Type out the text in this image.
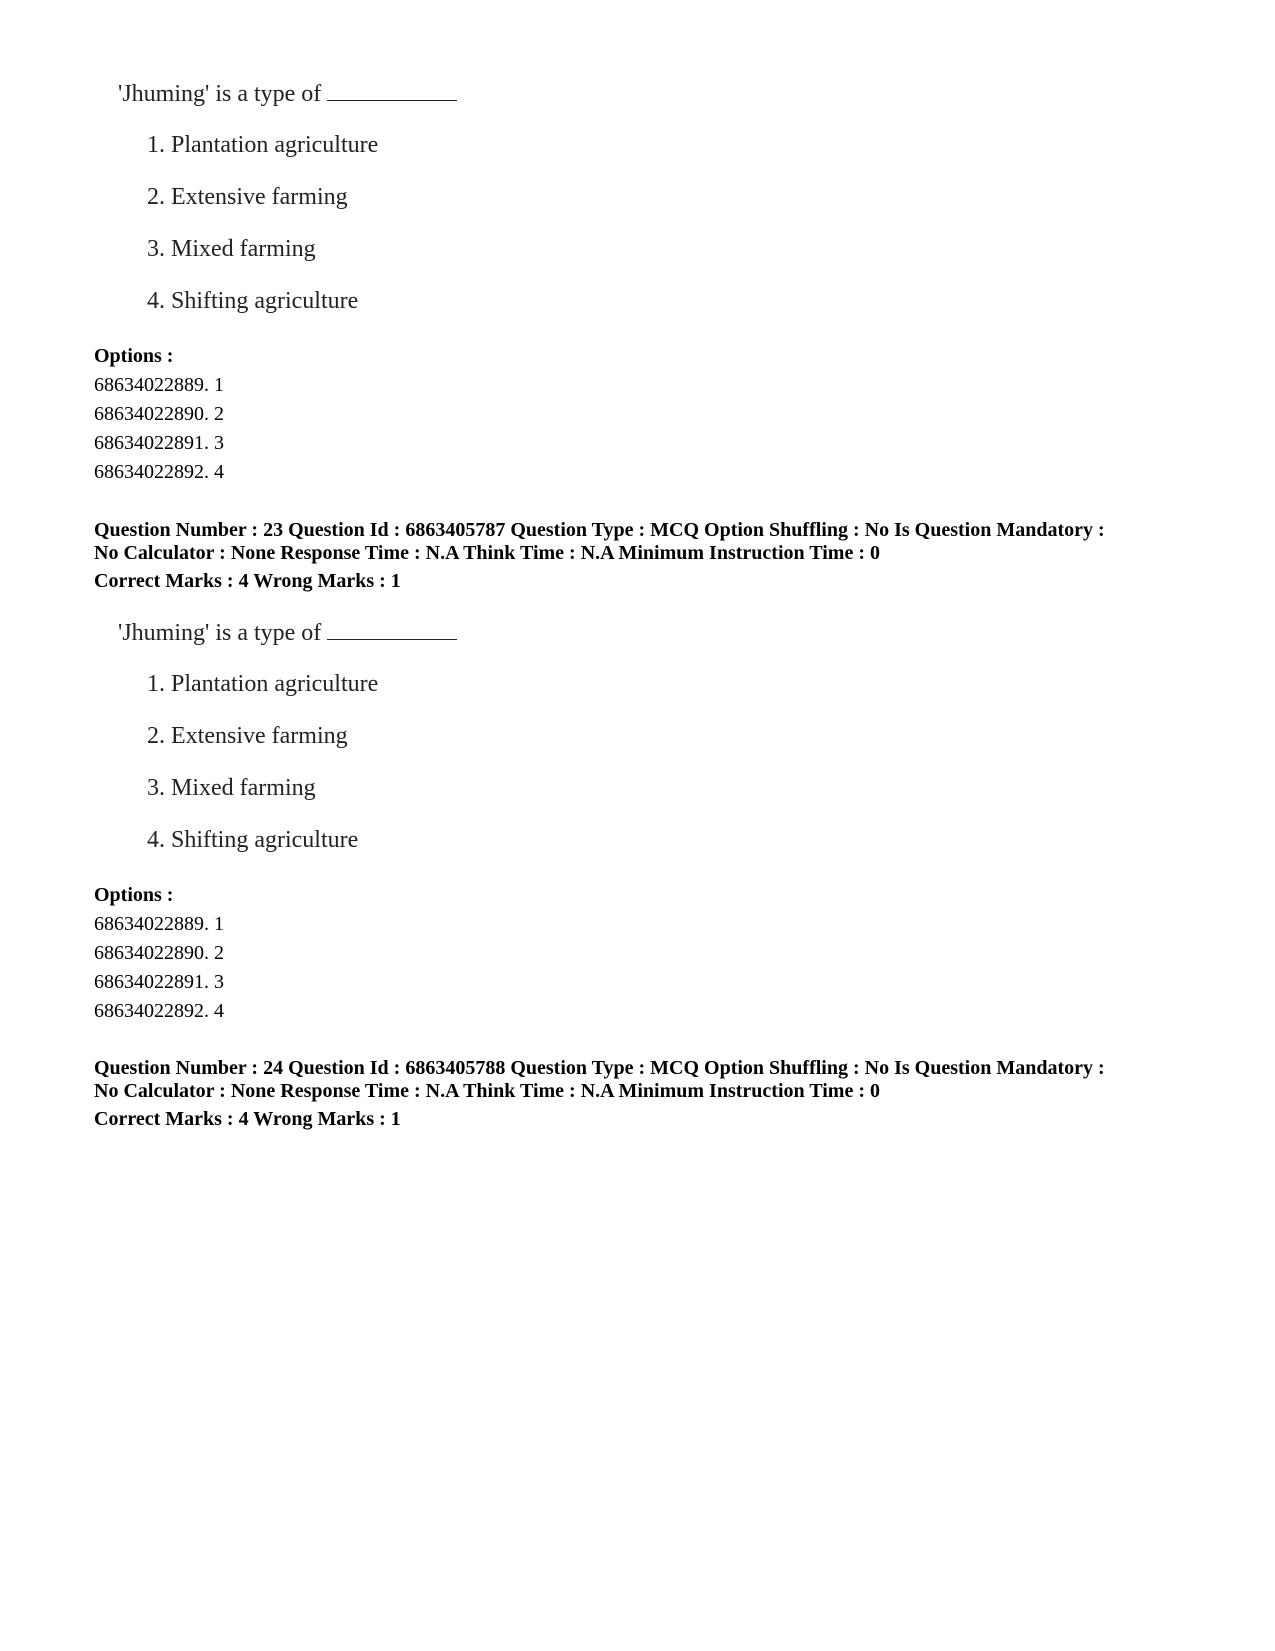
'Jhuming' is a type of
1. Plantation agriculture
2. Extensive farming
3. Mixed farming
4. Shifting agriculture
Options :
68634022889. 1
68634022890. 2
68634022891. 3
68634022892. 4
Question Number : 23 Question Id : 6863405787 Question Type : MCQ Option Shuffling : No Is Question Mandatory :
No Calculator : None Response Time : N.A Think Time : N.A Minimum Instruction Time : 0
Correct Marks : 4 Wrong Marks : 1
'Jhuming' is a type of
1. Plantation agriculture
2. Extensive farming
3. Mixed farming
4. Shifting agriculture
Options :
68634022889. 1
68634022890. 2
68634022891. 3
68634022892. 4
Question Number : 24 Question Id : 6863405788 Question Type : MCQ Option Shuffling : No Is Question Mandatory :
No Calculator : None Response Time : N.A Think Time : N.A Minimum Instruction Time : 0
Correct Marks : 4 Wrong Marks : 1
